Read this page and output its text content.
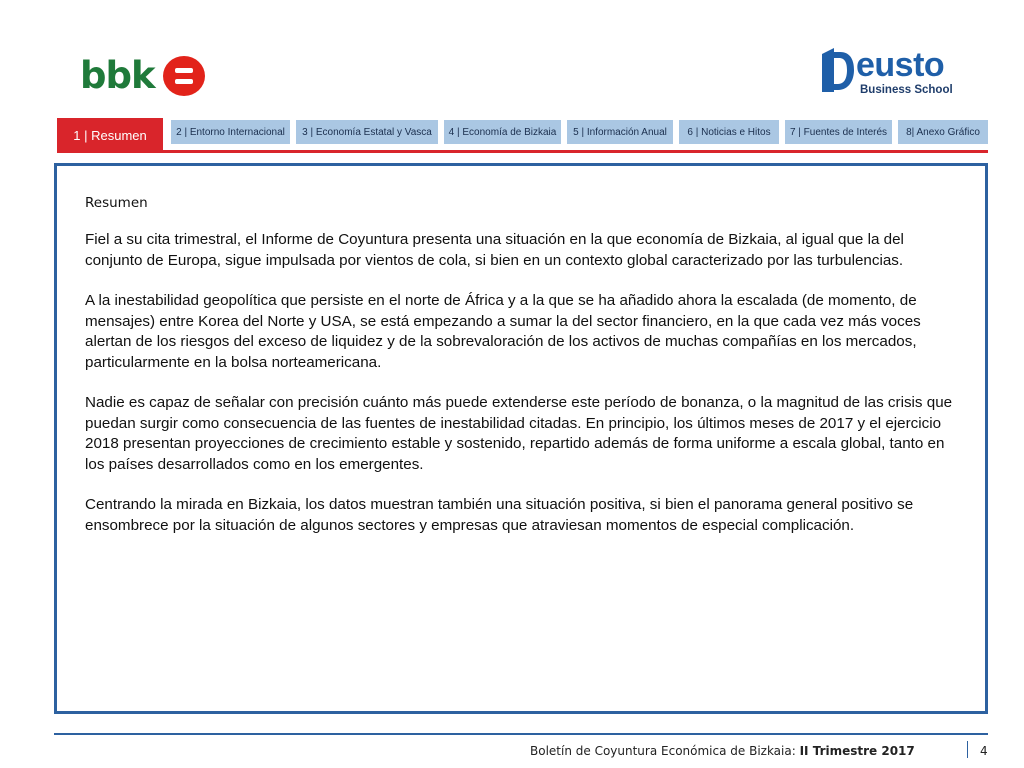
bbk	eusto
Business School
1 | Resumen	2 | Entorno Internacional	3 | Economía Estatal y Vasca	4 | Economía de Bizkaia	5 | Información Anual	6 | Noticias e Hitos	7 | Fuentes de Interés	8| Anexo Gráfico
Resumen

Fiel a su cita trimestral, el Informe de Coyuntura presenta una situación en la que economía de Bizkaia, al igual que la del conjunto de Europa, sigue impulsada por vientos de cola, si bien en un contexto global caracterizado por las turbulencias.

A la inestabilidad geopolítica que persiste en el norte de África y a la que se ha añadido ahora la escalada (de momento, de mensajes) entre Korea del Norte y USA, se está empezando a sumar la del sector financiero, en la que cada vez más voces alertan de los riesgos del exceso de liquidez y de la sobrevaloración de los activos de muchas compañías en los mercados, particularmente en la bolsa norteamericana.

Nadie es capaz de señalar con precisión cuánto más puede extenderse este período de bonanza, o la magnitud de las crisis que puedan surgir como consecuencia de las fuentes de inestabilidad citadas. En principio, los últimos meses de 2017 y el ejercicio 2018 presentan proyecciones de crecimiento estable y sostenido, repartido además de forma uniforme a escala global, tanto en los países desarrollados como en los emergentes.

Centrando la mirada en Bizkaia, los datos muestran también una situación positiva, si bien el panorama general positivo se ensombrece por la situación de algunos sectores y empresas que atraviesan momentos de especial complicación.

Boletín de Coyuntura Económica de Bizkaia: II Trimestre 2017	4
